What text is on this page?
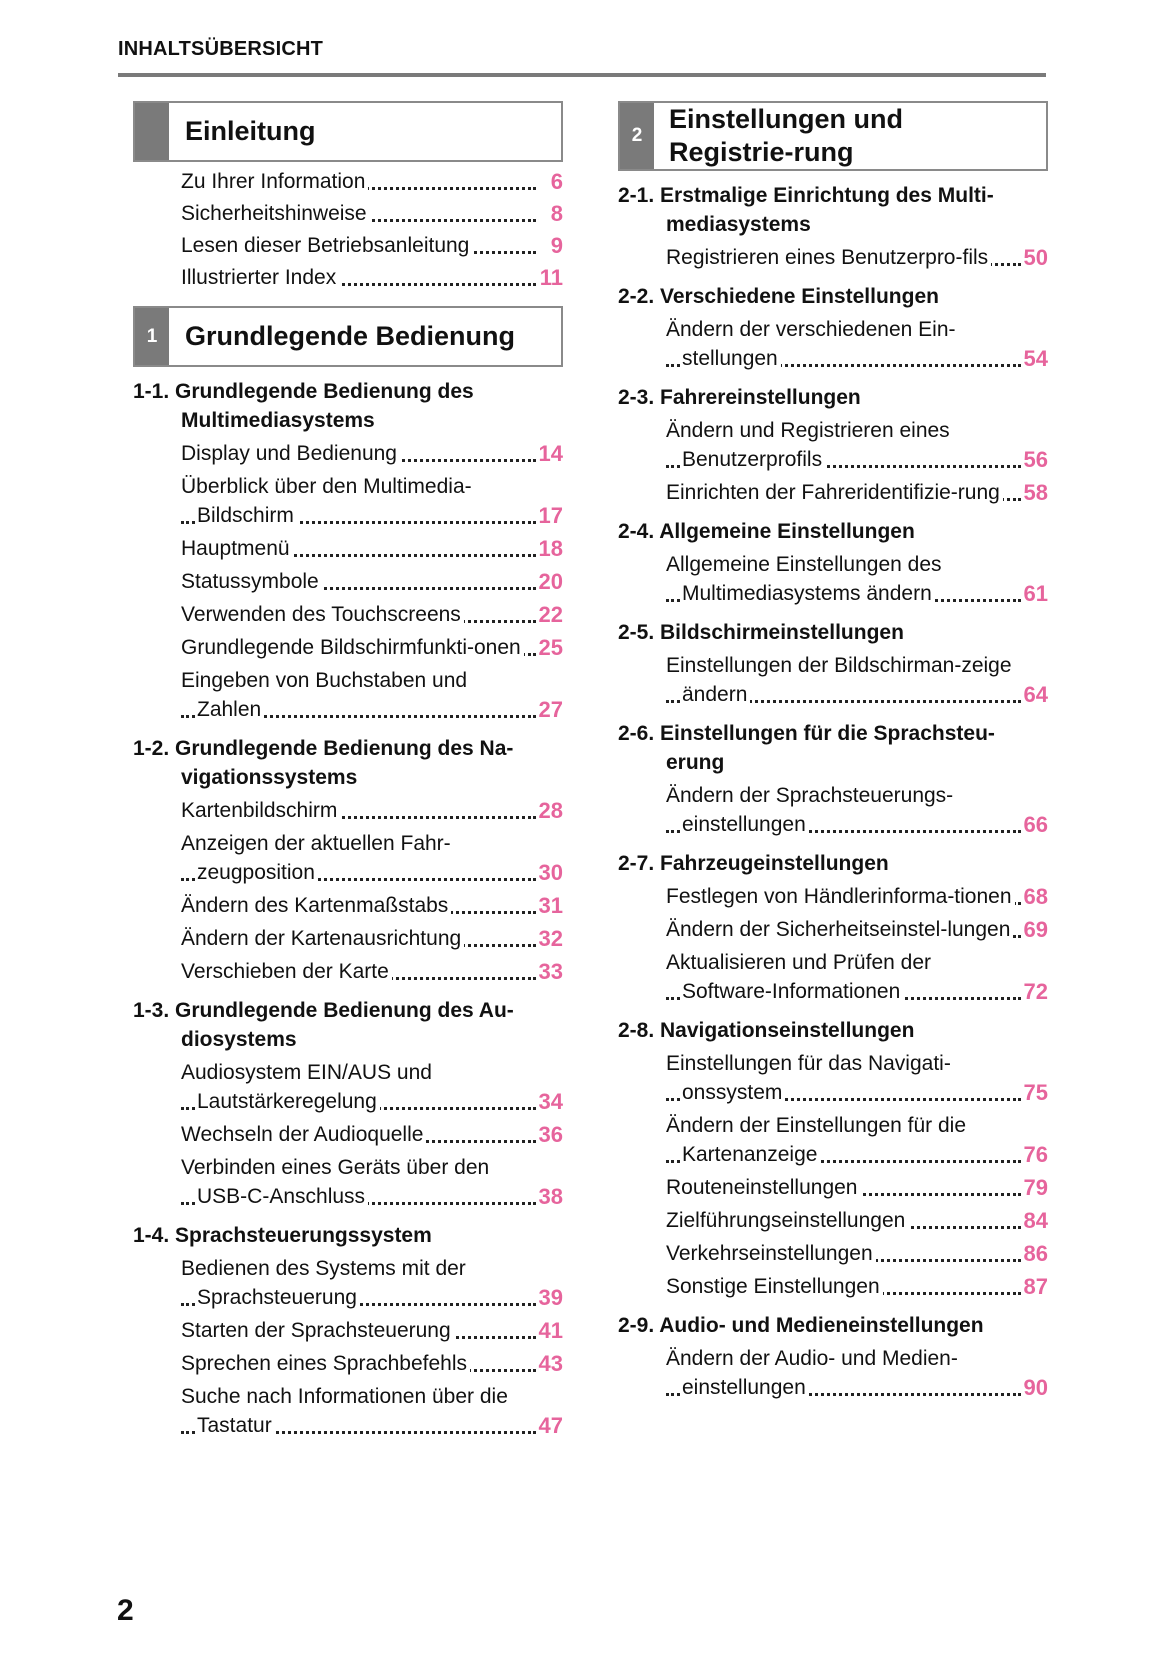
INHALTSÜBERSICHT
Einleitung
Zu Ihrer Information	6
Sicherheitshinweise	8
Lesen dieser Betriebsanleitung	9
Illustrierter Index	11
1	Grundlegende Bedienung
1-1. Grundlegende Bedienung des Multimediasystems
Display und Bedienung	14
Überblick über den Multimedia-Bildschirm	17
Hauptmenü	18
Statussymbole	20
Verwenden des Touchscreens	22
Grundlegende Bildschirmfunkti-onen 25
Eingeben von Buchstaben und Zahlen	27
1-2. Grundlegende Bedienung des Na-vigationssystems
Kartenbildschirm	28
Anzeigen der aktuellen Fahr-zeugposition	30
Ändern des Kartenmaßstabs	31
Ändern der Kartenausrichtung	32
Verschieben der Karte	33
1-3. Grundlegende Bedienung des Au-diosystems
Audiosystem EIN/AUS und Lautstärkeregelung	34
Wechseln der Audioquelle	36
Verbinden eines Geräts über den USB-C-Anschluss	38
1-4. Sprachsteuerungssystem
Bedienen des Systems mit der Sprachsteuerung	39
Starten der Sprachsteuerung	41
Sprechen eines Sprachbefehls	43
Suche nach Informationen über die Tastatur	47
2
Einstellungen und Registrie-rung
2-1. Erstmalige Einrichtung des Multi-mediasystems
Registrieren eines Benutzerpro-fils	50
2-2. Verschiedene Einstellungen
Ändern der verschiedenen Ein-stellungen	54
2-3. Fahrereinstellungen
Ändern und Registrieren eines Benutzerprofils	56
Einrichten der Fahreridentifizie-rung	58
2-4. Allgemeine Einstellungen
Allgemeine Einstellungen des Multimediasystems ändern	61
2-5. Bildschirmeinstellungen
Einstellungen der Bildschirman-zeige ändern	64
2-6. Einstellungen für die Sprachsteu-erung
Ändern der Sprachsteuerungs-einstellungen	66
2-7. Fahrzeugeinstellungen
Festlegen von Händlerinforma-tionen 68
Ändern der Sicherheitseinstel-lungen 69
Aktualisieren und Prüfen der Software-Informationen	72
2-8. Navigationseinstellungen
Einstellungen für das Navigati-onssystem	75
Ändern der Einstellungen für die Kartenanzeige	76
Routeneinstellungen	79
Zielführungseinstellungen	84
Verkehrseinstellungen	86
Sonstige Einstellungen	87
2-9. Audio- und Medieneinstellungen
Ändern der Audio- und Medien-einstellungen	90
2
